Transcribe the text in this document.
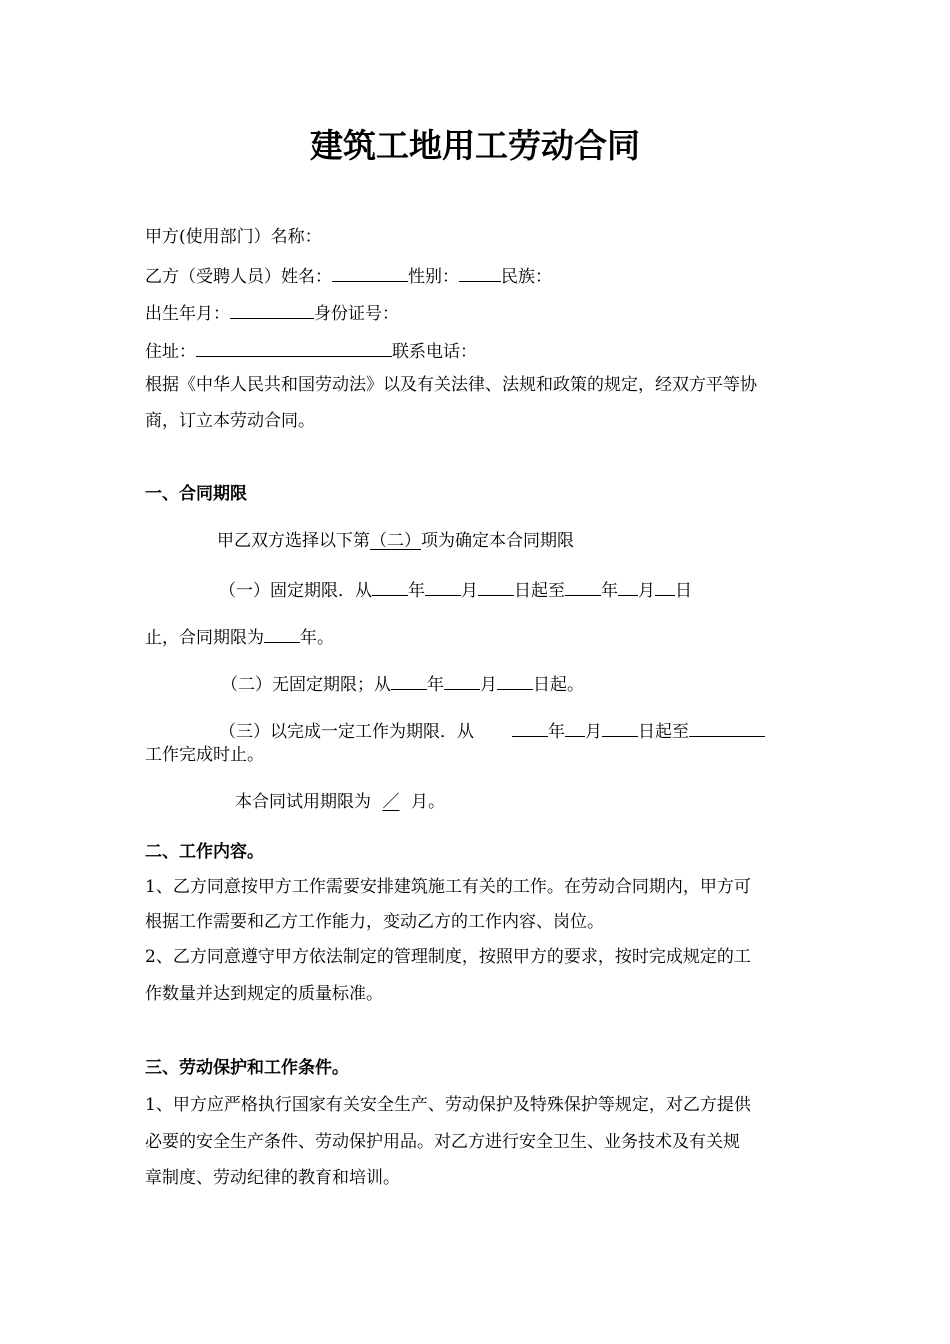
建筑工地用工劳动合同
甲方(使用部门）名称：
乙方（受聘人员）姓名：	性别： 民族：
出生年月：	身份证号：
住址：	联系电话：
根据《中华人民共和国劳动法》以及有关法律、法规和政策的规定，经双方平等协
商，订立本劳动合同。
一、合同期限
甲乙双方选择以下第（二）项为确定本合同期限
（一）固定期限．从 年 月 日起至 年 月 日
止，合同期限为 年。
（二）无固定期限；从 年 月 日起。
（三）以完成一定工作为期限．从	年 月 日起至
工作完成时止。
本合同试用期限为 ／ 月。
二、工作内容。
1、乙方同意按甲方工作需要安排建筑施工有关的工作。在劳动合同期内，甲方可
根据工作需要和乙方工作能力，变动乙方的工作内容、岗位。
2、乙方同意遵守甲方依法制定的管理制度，按照甲方的要求，按时完成规定的工
作数量并达到规定的质量标准。
三、劳动保护和工作条件。
1、甲方应严格执行国家有关安全生产、劳动保护及特殊保护等规定，对乙方提供
必要的安全生产条件、劳动保护用品。对乙方进行安全卫生、业务技术及有关规
章制度、劳动纪律的教育和培训。
